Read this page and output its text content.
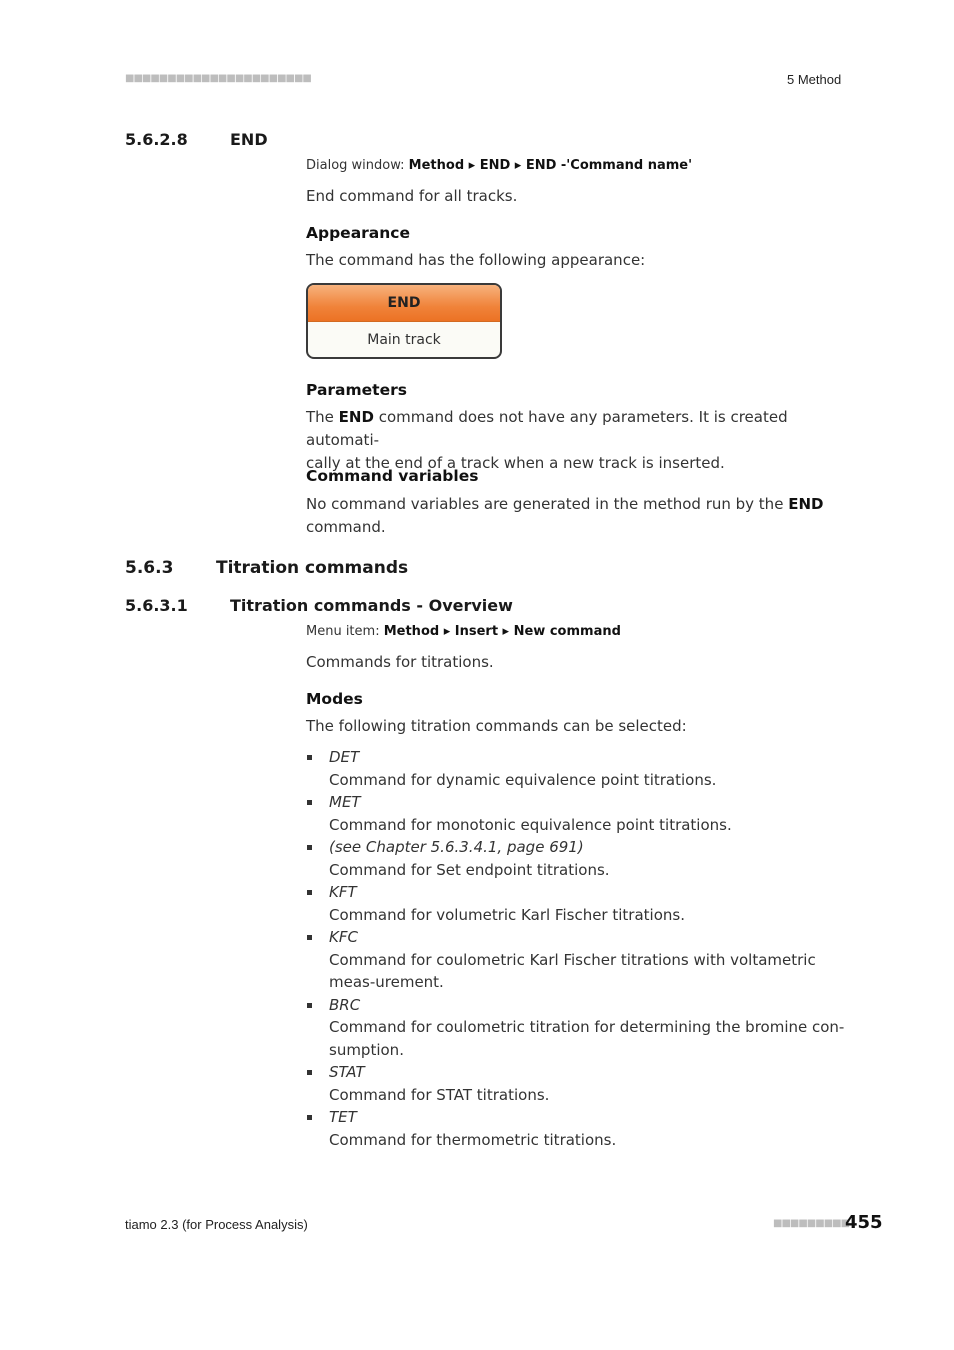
■■■■■■■■■■■■■■■■■■■■■■	5 Method
5.6.2.8	END
Dialog window: Method ▸ END ▸ END -'Command name'
End command for all tracks.
Appearance
The command has the following appearance:
END
Main track
Parameters
The END command does not have any parameters. It is created automati-
cally at the end of a track when a new track is inserted.
Command variables
No command variables are generated in the method run by the END
command.
5.6.3	Titration commands
5.6.3.1	Titration commands - Overview
Menu item: Method ▸ Insert ▸ New command
Commands for titrations.
Modes
The following titration commands can be selected:
DET
Command for dynamic equivalence point titrations.
MET
Command for monotonic equivalence point titrations.
(see Chapter 5.6.3.4.1, page 691)
Command for Set endpoint titrations.
KFT
Command for volumetric Karl Fischer titrations.
KFC
Command for coulometric Karl Fischer titrations with voltametric meas-urement.
BRC
Command for coulometric titration for determining the bromine con-sumption.
STAT
Command for STAT titrations.
TET
Command for thermometric titrations.
tiamo 2.3 (for Process Analysis)	■■■■■■■■■
455
